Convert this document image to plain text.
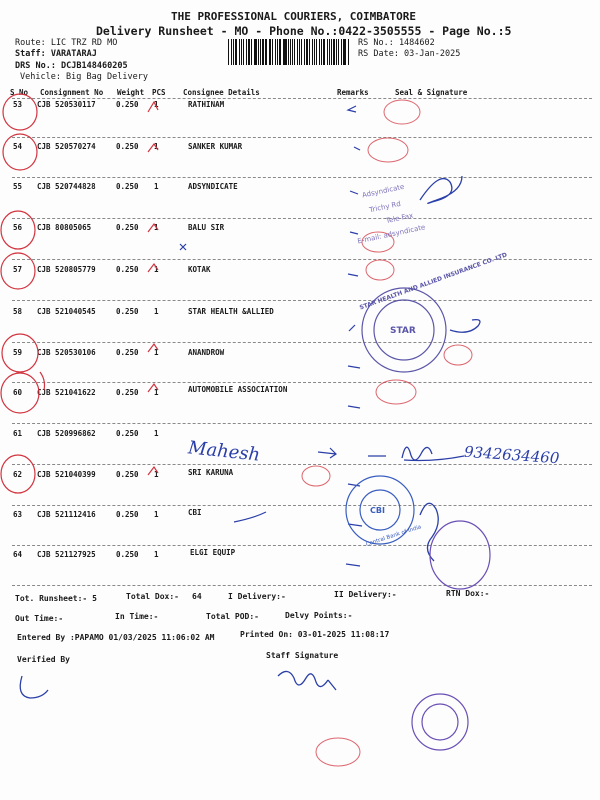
THE PROFESSIONAL COURIERS, COIMBATORE
Delivery Runsheet - MO - Phone No.:0422-3505555 - Page No.:5
Route: LIC TRZ RD MO
Staff: VARATARAJ
DRS No.: DCJB148460205
Vehicle: Big Bag Delivery
RS No.: 1484602
RS Date: 03-Jan-2025
S No Consignment No Weight PCS Consignee Details	Remarks	Seal & Signature
53 CJB 520530117	0.250 1	RATHINAM
54 CJB 520570274	0.250 1	SANKER KUMAR
55 CJB 520744828	0.250 1	ADSYNDICATE
56 CJB 80805065	0.250 1	BALU SIR
57 CJB 520805779	0.250 1	KOTAK
58 CJB 521040545	0.250 1	STAR HEALTH &ALLIED
59 CJB 520530106	0.250 1	ANANDROW
60 CJB 521041622	0.250 1	AUTOMOBILE ASSOCIATION
61 CJB 520996862	0.250 1
62 CJB 521040399	0.250 1	SRI KARUNA
63 CJB 521112416	0.250 1	CBI
64 CJB 521127925	0.250 1	ELGI EQUIP
Tot. Runsheet:- 5	Total Dox:- 64	I Delivery:-	II Delivery:-	RTN Dox:-
Out Time:-	In Time:-	Total POD:-	Delvy Points:-
Entered By :PAPAMO 01/03/2025 11:06:02 AM	Printed On: 03-01-2025 11:08:17
Verified By	Staff Signature
Mahesh	9342634460
STAR
STAR HEALTH AND ALLIED INSURANCE CO. LTD
Adsyndicate
Trichy Rd
Tele Fax
E-mail: adsyndicate
CBI
Central Bank of India
